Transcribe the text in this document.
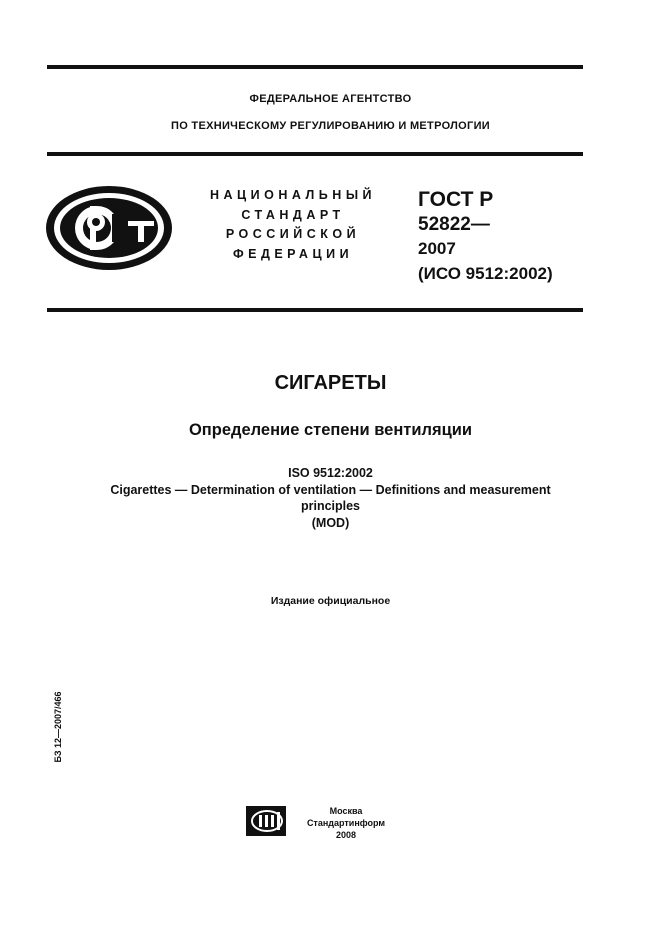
ФЕДЕРАЛЬНОЕ АГЕНТСТВО
ПО ТЕХНИЧЕСКОМУ РЕГУЛИРОВАНИЮ И МЕТРОЛОГИИ
НАЦИОНАЛЬНЫЙ
СТАНДАРТ
РОССИЙСКОЙ
ФЕДЕРАЦИИ
ГОСТ Р
52822—
2007
(ИСО 9512:2002)
СИГАРЕТЫ
Определение степени вентиляции
ISO 9512:2002
Cigarettes — Determination of ventilation — Definitions and measurement
principles
(MOD)
Издание официальное
БЗ 12—2007/466
Москва
Стандартинформ
2008
